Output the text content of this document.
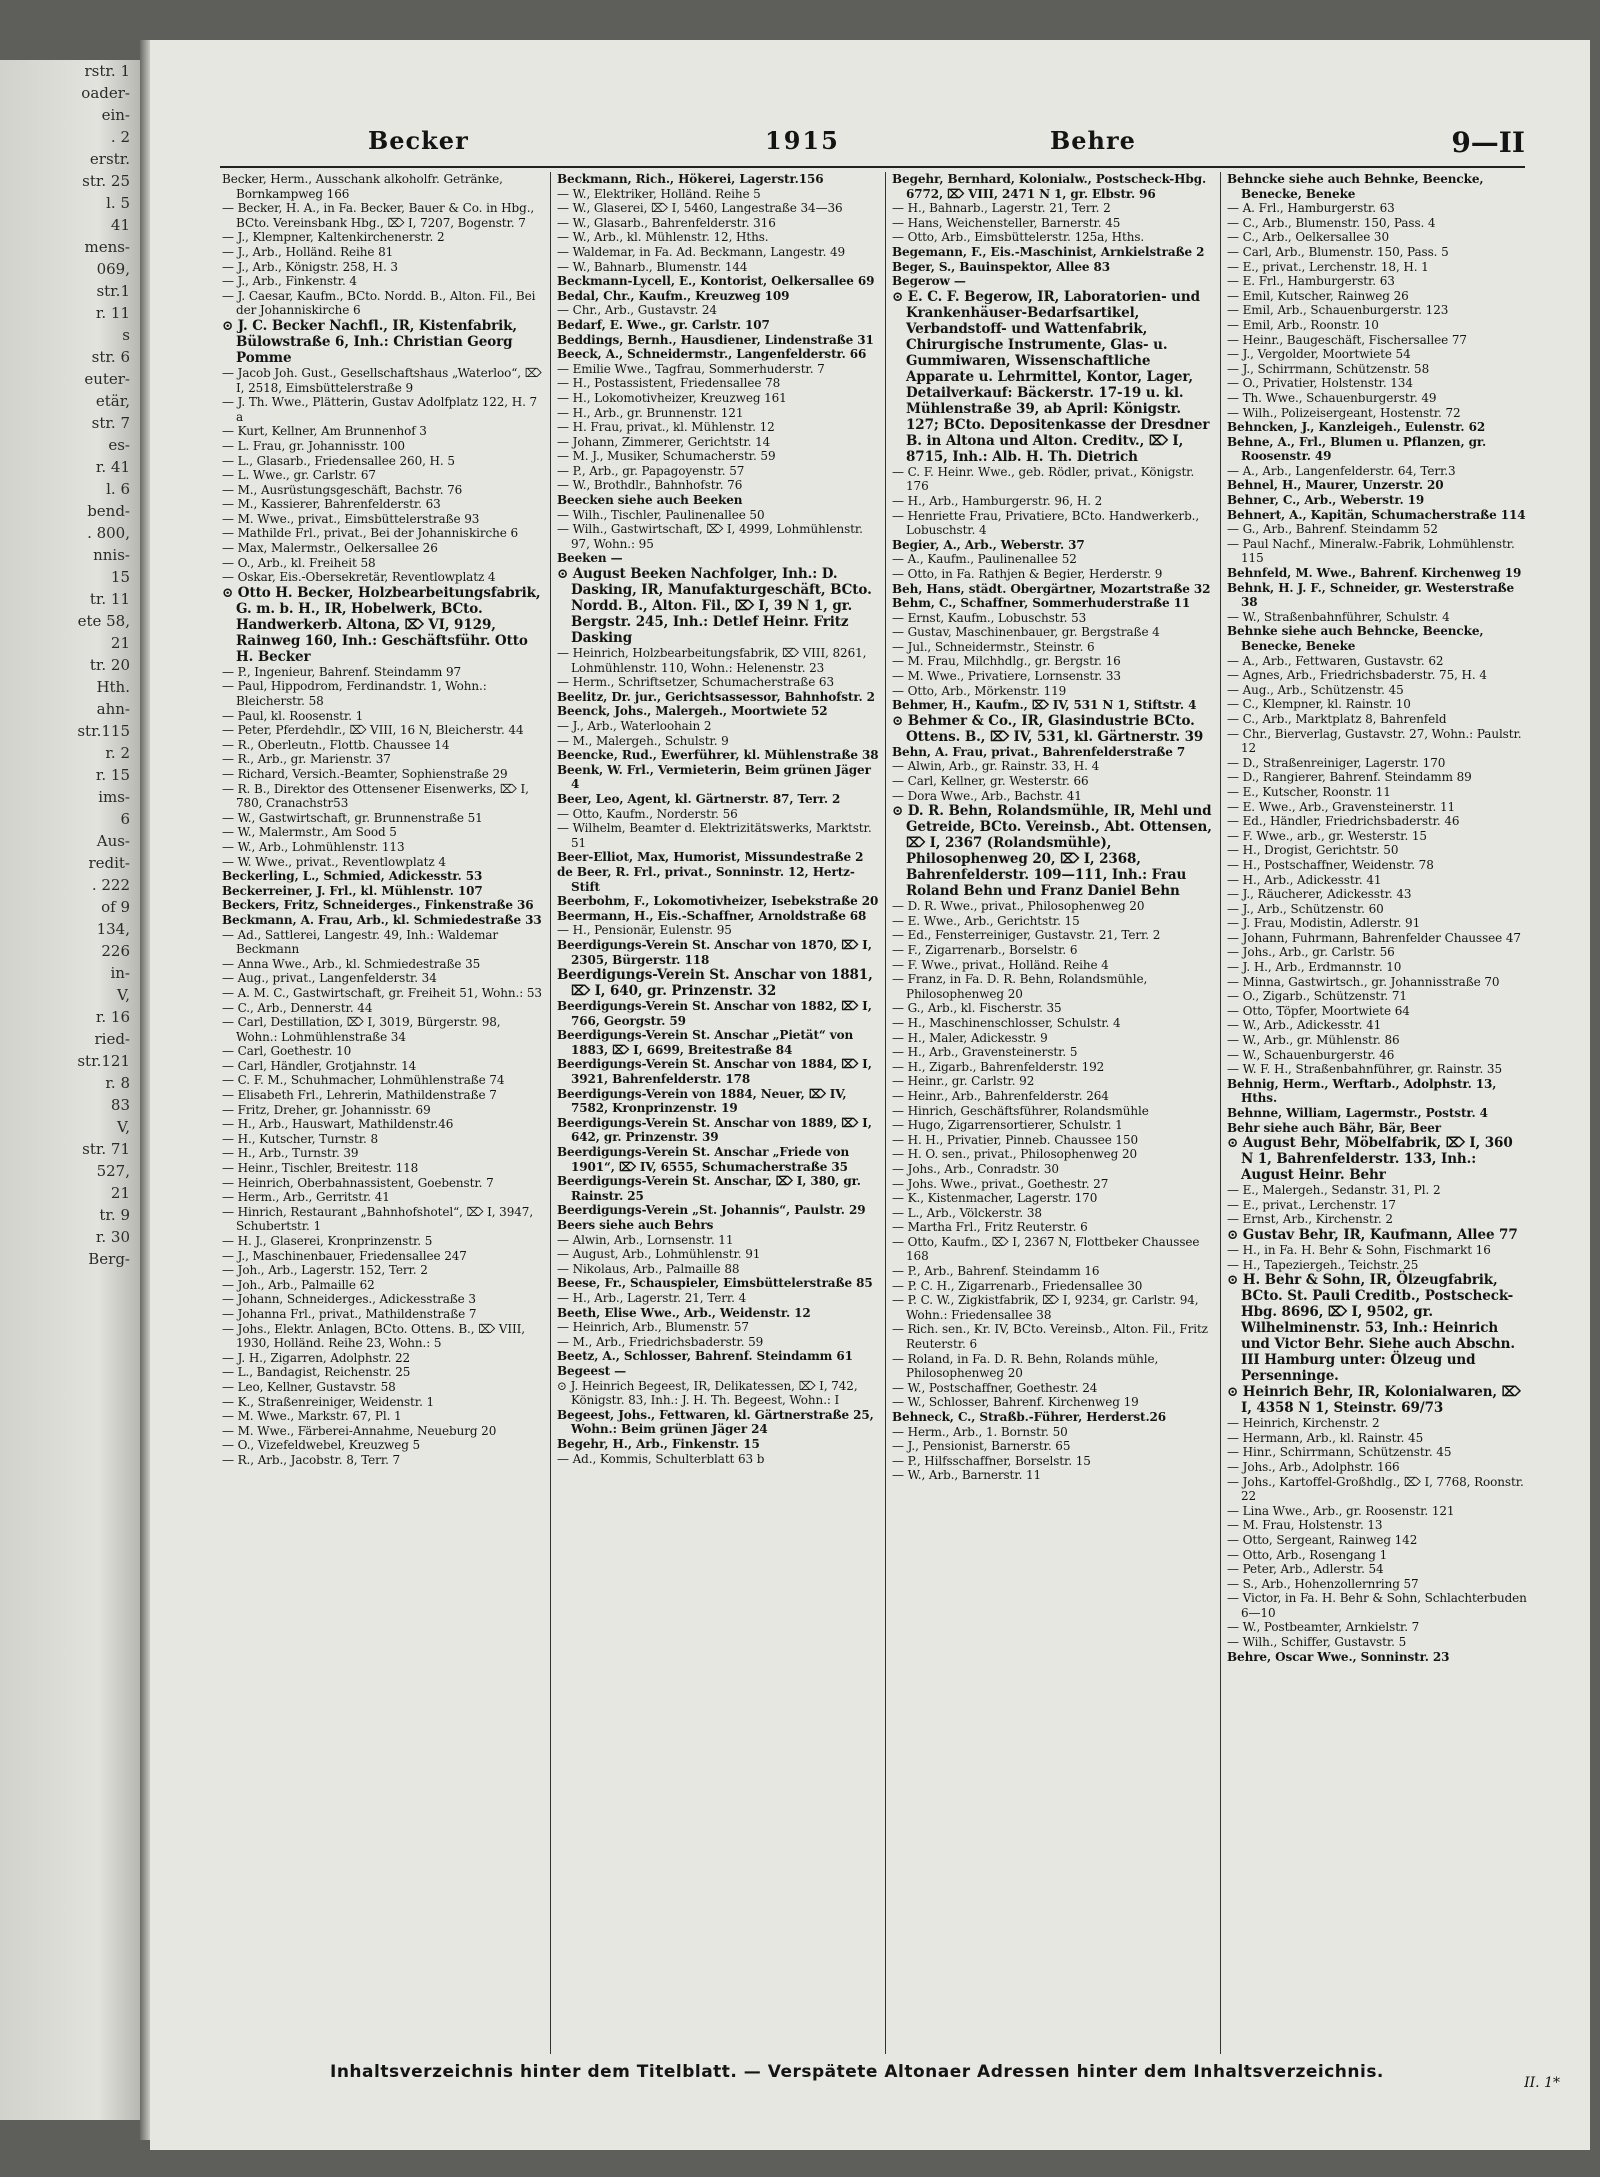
rstr. 1
oader-
ein-
. 2
erstr.
str. 25
l. 5
41
mens-
069,
str.1
r. 11
s
str. 6
euter-
etär,
str. 7
es-
r. 41
l. 6
bend-
. 800,
nnis-
15
tr. 11
ete 58,
21
tr. 20
Hth.
ahn-
str.115
r. 2
r. 15
ims-
6
Aus-
redit-
. 222
of 9
134,
226
in-
V,
r. 16
ried-
str.121
r. 8
83
V,
str. 71
527,
21
tr. 9
r. 30
Berg-
Becker	1915	Behre	9—II

Becker, Herm., Ausschank alkoholfr. Getränke, Bornkampweg 166

— Becker, H. A., in Fa. Becker, Bauer & Co. in Hbg., BCto. Vereinsbank Hbg., ⌦ I, 7207, Bogenstr. 7

— J., Klempner, Kaltenkirchenerstr. 2

— J., Arb., Holländ. Reihe 81

— J., Arb., Königstr. 258, H. 3

— J., Arb., Finkenstr. 4

— J. Caesar, Kaufm., BCto. Nordd. B., Alton. Fil., Bei der Johanniskirche 6

⊙ J. C. Becker Nachfl., IR, Kistenfabrik, Bülowstraße 6, Inh.: Christian Georg Pomme

— Jacob Joh. Gust., Gesellschaftshaus „Waterloo“, ⌦ I, 2518, Eimsbüttelerstraße 9

— J. Th. Wwe., Plätterin, Gustav Adolfplatz 122, H. 7 a

— Kurt, Kellner, Am Brunnenhof 3

— L. Frau, gr. Johannisstr. 100

— L., Glasarb., Friedensallee 260, H. 5

— L. Wwe., gr. Carlstr. 67

— M., Ausrüstungsgeschäft, Bachstr. 76

— M., Kassierer, Bahrenfelderstr. 63

— M. Wwe., privat., Eimsbüttelerstraße 93

— Mathilde Frl., privat., Bei der Johanniskirche 6

— Max, Malermstr., Oelkersallee 26

— O., Arb., kl. Freiheit 58

— Oskar, Eis.-Obersekretär, Reventlowplatz 4

⊙ Otto H. Becker, Holzbearbeitungsfabrik, G. m. b. H., IR, Hobelwerk, BCto. Handwerkerb. Altona, ⌦ VI, 9129, Rainweg 160, Inh.: Geschäftsführ. Otto H. Becker

— P., Ingenieur, Bahrenf. Steindamm 97

— Paul, Hippodrom, Ferdinandstr. 1, Wohn.: Bleicherstr. 58

— Paul, kl. Roosenstr. 1

— Peter, Pferdehdlr., ⌦ VIII, 16 N, Bleicherstr. 44

— R., Oberleutn., Flottb. Chaussee 14

— R., Arb., gr. Marienstr. 37

— Richard, Versich.-Beamter, Sophienstraße 29

— R. B., Direktor des Ottensener Eisenwerks, ⌦ I, 780, Cranachstr53

— W., Gastwirtschaft, gr. Brunnenstraße 51

— W., Malermstr., Am Sood 5

— W., Arb., Lohmühlenstr. 113

— W. Wwe., privat., Reventlowplatz 4

Beckerling, L., Schmied, Adickesstr. 53

Beckerreiner, J. Frl., kl. Mühlenstr. 107

Beckers, Fritz, Schneiderges., Finkenstraße 36

Beckmann, A. Frau, Arb., kl. Schmiedestraße 33

— Ad., Sattlerei, Langestr. 49, Inh.: Waldemar Beckmann

— Anna Wwe., Arb., kl. Schmiedestraße 35

— Aug., privat., Langenfelderstr. 34

— A. M. C., Gastwirtschaft, gr. Freiheit 51, Wohn.: 53

— C., Arb., Dennerstr. 44

— Carl, Destillation, ⌦ I, 3019, Bürgerstr. 98, Wohn.: Lohmühlenstraße 34

— Carl, Goethestr. 10

— Carl, Händler, Grotjahnstr. 14

— C. F. M., Schuhmacher, Lohmühlenstraße 74

— Elisabeth Frl., Lehrerin, Mathildenstraße 7

— Fritz, Dreher, gr. Johannisstr. 69

— H., Arb., Hauswart, Mathildenstr.46

— H., Kutscher, Turnstr. 8

— H., Arb., Turnstr. 39

— Heinr., Tischler, Breitestr. 118

— Heinrich, Oberbahnassistent, Goebenstr. 7

— Herm., Arb., Gerritstr. 41

— Hinrich, Restaurant „Bahnhofshotel“, ⌦ I, 3947, Schubertstr. 1

— H. J., Glaserei, Kronprinzenstr. 5

— J., Maschinenbauer, Friedensallee 247

— Joh., Arb., Lagerstr. 152, Terr. 2

— Joh., Arb., Palmaille 62

— Johann, Schneiderges., Adickesstraße 3

— Johanna Frl., privat., Mathildenstraße 7

— Johs., Elektr. Anlagen, BCto. Ottens. B., ⌦ VIII, 1930, Holländ. Reihe 23, Wohn.: 5

— J. H., Zigarren, Adolphstr. 22

— L., Bandagist, Reichenstr. 25

— Leo, Kellner, Gustavstr. 58

— K., Straßenreiniger, Weidenstr. 1

— M. Wwe., Markstr. 67, Pl. 1

— M. Wwe., Färberei-Annahme, Neueburg 20

— O., Vizefeldwebel, Kreuzweg 5

— R., Arb., Jacobstr. 8, Terr. 7

Beckmann, Rich., Hökerei, Lagerstr.156

— W., Elektriker, Holländ. Reihe 5

— W., Glaserei, ⌦ I, 5460, Langestraße 34—36

— W., Glasarb., Bahrenfelderstr. 316

— W., Arb., kl. Mühlenstr. 12, Hths.

— Waldemar, in Fa. Ad. Beckmann, Langestr. 49

— W., Bahnarb., Blumenstr. 144

Beckmann-Lycell, E., Kontorist, Oelkersallee 69

Bedal, Chr., Kaufm., Kreuzweg 109

— Chr., Arb., Gustavstr. 24

Bedarf, E. Wwe., gr. Carlstr. 107

Beddings, Bernh., Hausdiener, Lindenstraße 31

Beeck, A., Schneidermstr., Langenfelderstr. 66

— Emilie Wwe., Tagfrau, Sommerhuderstr. 7

— H., Postassistent, Friedensallee 78

— H., Lokomotivheizer, Kreuzweg 161

— H., Arb., gr. Brunnenstr. 121

— H. Frau, privat., kl. Mühlenstr. 12

— Johann, Zimmerer, Gerichtstr. 14

— M. J., Musiker, Schumacherstr. 59

— P., Arb., gr. Papagoyenstr. 57

— W., Brothdlr., Bahnhofstr. 76

Beecken siehe auch Beeken

— Wilh., Tischler, Paulinenallee 50

— Wilh., Gastwirtschaft, ⌦ I, 4999, Lohmühlenstr. 97, Wohn.: 95

Beeken —

⊙ August Beeken Nachfolger, Inh.: D. Dasking, IR, Manufakturgeschäft, BCto. Nordd. B., Alton. Fil., ⌦ I, 39 N 1, gr. Bergstr. 245, Inh.: Detlef Heinr. Fritz Dasking

— Heinrich, Holzbearbeitungsfabrik, ⌦ VIII, 8261, Lohmühlenstr. 110, Wohn.: Helenenstr. 23

— Herm., Schriftsetzer, Schumacherstraße 63

Beelitz, Dr. jur., Gerichtsassessor, Bahnhofstr. 2

Beenck, Johs., Malergeh., Moortwiete 52

— J., Arb., Waterloohain 2

— M., Malergeh., Schulstr. 9

Beencke, Rud., Ewerführer, kl. Mühlenstraße 38

Beenk, W. Frl., Vermieterin, Beim grünen Jäger 4

Beer, Leo, Agent, kl. Gärtnerstr. 87, Terr. 2

— Otto, Kaufm., Norderstr. 56

— Wilhelm, Beamter d. Elektrizitätswerks, Marktstr. 51

Beer-Elliot, Max, Humorist, Missundestraße 2

de Beer, R. Frl., privat., Sonninstr. 12, Hertz-Stift

Beerbohm, F., Lokomotivheizer, Isebekstraße 20

Beermann, H., Eis.-Schaffner, Arnoldstraße 68

— H., Pensionär, Eulenstr. 95

Beerdigungs-Verein St. Anschar von 1870, ⌦ I, 2305, Bürgerstr. 118

Beerdigungs-Verein St. Anschar von 1881, ⌦ I, 640, gr. Prinzenstr. 32

Beerdigungs-Verein St. Anschar von 1882, ⌦ I, 766, Georgstr. 59

Beerdigungs-Verein St. Anschar „Pietät“ von 1883, ⌦ I, 6699, Breitestraße 84

Beerdigungs-Verein St. Anschar von 1884, ⌦ I, 3921, Bahrenfelderstr. 178

Beerdigungs-Verein von 1884, Neuer, ⌦ IV, 7582, Kronprinzenstr. 19

Beerdigungs-Verein St. Anschar von 1889, ⌦ I, 642, gr. Prinzenstr. 39

Beerdigungs-Verein St. Anschar „Friede von 1901“, ⌦ IV, 6555, Schumacherstraße 35

Beerdigungs-Verein St. Anschar, ⌦ I, 380, gr. Rainstr. 25

Beerdigungs-Verein „St. Johannis“, Paulstr. 29

Beers siehe auch Behrs

— Alwin, Arb., Lornsenstr. 11

— August, Arb., Lohmühlenstr. 91

— Nikolaus, Arb., Palmaille 88

Beese, Fr., Schauspieler, Eimsbüttelerstraße 85

— H., Arb., Lagerstr. 21, Terr. 4

Beeth, Elise Wwe., Arb., Weidenstr. 12

— Heinrich, Arb., Blumenstr. 57

— M., Arb., Friedrichsbaderstr. 59

Beetz, A., Schlosser, Bahrenf. Steindamm 61

Begeest —

⊙ J. Heinrich Begeest, IR, Delikatessen, ⌦ I, 742, Königstr. 83, Inh.: J. H. Th. Begeest, Wohn.: I

Begeest, Johs., Fettwaren, kl. Gärtnerstraße 25, Wohn.: Beim grünen Jäger 24

Begehr, H., Arb., Finkenstr. 15

— Ad., Kommis, Schulterblatt 63 b

Begehr, Bernhard, Kolonialw., Postscheck-Hbg. 6772, ⌦ VIII, 2471 N 1, gr. Elbstr. 96

— H., Bahnarb., Lagerstr. 21, Terr. 2

— Hans, Weichensteller, Barnerstr. 45

— Otto, Arb., Eimsbüttelerstr. 125a, Hths.

Begemann, F., Eis.-Maschinist, Arnkielstraße 2

Beger, S., Bauinspektor, Allee 83

Begerow —

⊙ E. C. F. Begerow, IR, Laboratorien- und Krankenhäuser-Bedarfsartikel, Verbandstoff- und Wattenfabrik, Chirurgische Instrumente, Glas- u. Gummiwaren, Wissenschaftliche Apparate u. Lehrmittel, Kontor, Lager, Detailverkauf: Bäckerstr. 17-19 u. kl. Mühlenstraße 39, ab April: Königstr. 127; BCto. Depositenkasse der Dresdner B. in Altona und Alton. Creditv., ⌦ I, 8715, Inh.: Alb. H. Th. Dietrich

— C. F. Heinr. Wwe., geb. Rödler, privat., Königstr. 176

— H., Arb., Hamburgerstr. 96, H. 2

— Henriette Frau, Privatiere, BCto. Handwerkerb., Lobuschstr. 4

Begier, A., Arb., Weberstr. 37

— A., Kaufm., Paulinenallee 52

— Otto, in Fa. Rathjen & Begier, Herderstr. 9

Beh, Hans, städt. Obergärtner, Mozartstraße 32

Behm, C., Schaffner, Sommerhuderstraße 11

— Ernst, Kaufm., Lobuschstr. 53

— Gustav, Maschinenbauer, gr. Bergstraße 4

— Jul., Schneidermstr., Steinstr. 6

— M. Frau, Milchhdlg., gr. Bergstr. 16

— M. Wwe., Privatiere, Lornsenstr. 33

— Otto, Arb., Mörkenstr. 119

Behmer, H., Kaufm., ⌦ IV, 531 N 1, Stiftstr. 4

⊙ Behmer & Co., IR, Glasindustrie BCto. Ottens. B., ⌦ IV, 531, kl. Gärtnerstr. 39

Behn, A. Frau, privat., Bahrenfelderstraße 7

— Alwin, Arb., gr. Rainstr. 33, H. 4

— Carl, Kellner, gr. Westerstr. 66

— Dora Wwe., Arb., Bachstr. 41

⊙ D. R. Behn, Rolandsmühle, IR, Mehl und Getreide, BCto. Vereinsb., Abt. Ottensen, ⌦ I, 2367 (Rolandsmühle), Philosophenweg 20, ⌦ I, 2368, Bahrenfelderstr. 109—111, Inh.: Frau Roland Behn und Franz Daniel Behn

— D. R. Wwe., privat., Philosophenweg 20

— E. Wwe., Arb., Gerichtstr. 15

— Ed., Fensterreiniger, Gustavstr. 21, Terr. 2

— F., Zigarrenarb., Borselstr. 6

— F. Wwe., privat., Holländ. Reihe 4

— Franz, in Fa. D. R. Behn, Rolandsmühle, Philosophenweg 20

— G., Arb., kl. Fischerstr. 35

— H., Maschinenschlosser, Schulstr. 4

— H., Maler, Adickesstr. 9

— H., Arb., Gravensteinerstr. 5

— H., Zigarb., Bahrenfelderstr. 192

— Heinr., gr. Carlstr. 92

— Heinr., Arb., Bahrenfelderstr. 264

— Hinrich, Geschäftsführer, Rolandsmühle

— Hugo, Zigarrensortierer, Schulstr. 1

— H. H., Privatier, Pinneb. Chaussee 150

— H. O. sen., privat., Philosophenweg 20

— Johs., Arb., Conradstr. 30

— Johs. Wwe., privat., Goethestr. 27

— K., Kistenmacher, Lagerstr. 170

— L., Arb., Völckerstr. 38

— Martha Frl., Fritz Reuterstr. 6

— Otto, Kaufm., ⌦ I, 2367 N, Flottbeker Chaussee 168

— P., Arb., Bahrenf. Steindamm 16

— P. C. H., Zigarrenarb., Friedensallee 30

— P. C. W., Zigkistfabrik, ⌦ I, 9234, gr. Carlstr. 94, Wohn.: Friedensallee 38

— Rich. sen., Kr. IV, BCto. Vereinsb., Alton. Fil., Fritz Reuterstr. 6

— Roland, in Fa. D. R. Behn, Rolands mühle, Philosophenweg 20

— W., Postschaffner, Goethestr. 24

— W., Schlosser, Bahrenf. Kirchenweg 19

Behneck, C., Straßb.-Führer, Herderst.26

— Herm., Arb., 1. Bornstr. 50

— J., Pensionist, Barnerstr. 65

— P., Hilfsschaffner, Borselstr. 15

— W., Arb., Barnerstr. 11

Behncke siehe auch Behnke, Beencke, Benecke, Beneke

— A. Frl., Hamburgerstr. 63

— C., Arb., Blumenstr. 150, Pass. 4

— C., Arb., Oelkersallee 30

— Carl, Arb., Blumenstr. 150, Pass. 5

— E., privat., Lerchenstr. 18, H. 1

— E. Frl., Hamburgerstr. 63

— Emil, Kutscher, Rainweg 26

— Emil, Arb., Schauenburgerstr. 123

— Emil, Arb., Roonstr. 10

— Heinr., Baugeschäft, Fischersallee 77

— J., Vergolder, Moortwiete 54

— J., Schirrmann, Schützenstr. 58

— O., Privatier, Holstenstr. 134

— Th. Wwe., Schauenburgerstr. 49

— Wilh., Polizeisergeant, Hostenstr. 72

Behncken, J., Kanzleigeh., Eulenstr. 62

Behne, A., Frl., Blumen u. Pflanzen, gr. Roosenstr. 49

— A., Arb., Langenfelderstr. 64, Terr.3

Behnel, H., Maurer, Unzerstr. 20

Behner, C., Arb., Weberstr. 19

Behnert, A., Kapitän, Schumacherstraße 114

— G., Arb., Bahrenf. Steindamm 52

— Paul Nachf., Mineralw.-Fabrik, Lohmühlenstr. 115

Behnfeld, M. Wwe., Bahrenf. Kirchenweg 19

Behnk, H. J. F., Schneider, gr. Westerstraße 38

— W., Straßenbahnführer, Schulstr. 4

Behnke siehe auch Behncke, Beencke, Benecke, Beneke

— A., Arb., Fettwaren, Gustavstr. 62

— Agnes, Arb., Friedrichsbaderstr. 75, H. 4

— Aug., Arb., Schützenstr. 45

— C., Klempner, kl. Rainstr. 10

— C., Arb., Marktplatz 8, Bahrenfeld

— Chr., Bierverlag, Gustavstr. 27, Wohn.: Paulstr. 12

— D., Straßenreiniger, Lagerstr. 170

— D., Rangierer, Bahrenf. Steindamm 89

— E., Kutscher, Roonstr. 11

— E. Wwe., Arb., Gravensteinerstr. 11

— Ed., Händler, Friedrichsbaderstr. 46

— F. Wwe., arb., gr. Westerstr. 15

— H., Drogist, Gerichtstr. 50

— H., Postschaffner, Weidenstr. 78

— H., Arb., Adickesstr. 41

— J., Räucherer, Adickesstr. 43

— J., Arb., Schützenstr. 60

— J. Frau, Modistin, Adlerstr. 91

— Johann, Fuhrmann, Bahrenfelder Chaussee 47

— Johs., Arb., gr. Carlstr. 56

— J. H., Arb., Erdmannstr. 10

— Minna, Gastwirtsch., gr. Johannisstraße 70

— O., Zigarb., Schützenstr. 71

— Otto, Töpfer, Moortwiete 64

— W., Arb., Adickesstr. 41

— W., Arb., gr. Mühlenstr. 86

— W., Schauenburgerstr. 46

— W. F. H., Straßenbahnführer, gr. Rainstr. 35

Behnig, Herm., Werftarb., Adolphstr. 13, Hths.

Behnne, William, Lagermstr., Poststr. 4

Behr siehe auch Bähr, Bär, Beer

⊙ August Behr, Möbelfabrik, ⌦ I, 360 N 1, Bahrenfelderstr. 133, Inh.: August Heinr. Behr

— E., Malergeh., Sedanstr. 31, Pl. 2

— E., privat., Lerchenstr. 17

— Ernst, Arb., Kirchenstr. 2

⊙ Gustav Behr, IR, Kaufmann, Allee 77

— H., in Fa. H. Behr & Sohn, Fischmarkt 16

— H., Tapeziergeh., Teichstr. 25

⊙ H. Behr & Sohn, IR, Ölzeugfabrik, BCto. St. Pauli Creditb., Postscheck-Hbg. 8696, ⌦ I, 9502, gr. Wilhelminenstr. 53, Inh.: Heinrich und Victor Behr. Siehe auch Abschn. III Hamburg unter: Ölzeug und Persenninge.

⊙ Heinrich Behr, IR, Kolonialwaren, ⌦ I, 4358 N 1, Steinstr. 69/73

— Heinrich, Kirchenstr. 2

— Hermann, Arb., kl. Rainstr. 45

— Hinr., Schirrmann, Schützenstr. 45

— Johs., Arb., Adolphstr. 166

— Johs., Kartoffel-Großhdlg., ⌦ I, 7768, Roonstr. 22

— Lina Wwe., Arb., gr. Roosenstr. 121

— M. Frau, Holstenstr. 13

— Otto, Sergeant, Rainweg 142

— Otto, Arb., Rosengang 1

— Peter, Arb., Adlerstr. 54

— S., Arb., Hohenzollernring 57

— Victor, in Fa. H. Behr & Sohn, Schlachterbuden 6—10

— W., Postbeamter, Arnkielstr. 7

— Wilh., Schiffer, Gustavstr. 5

Behre, Oscar Wwe., Sonninstr. 23

Inhaltsverzeichnis hinter dem Titelblatt. — Verspätete Altonaer Adressen hinter dem Inhaltsverzeichnis.
II. 1*
